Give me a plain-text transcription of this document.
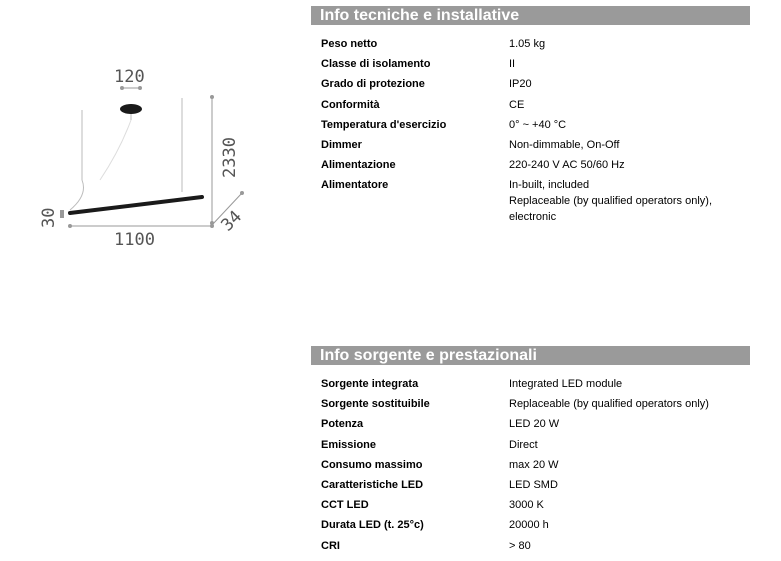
120
2330
1100
30	34
Info tecniche e installative
Peso netto	1.05 kg
Classe di isolamento	II
Grado di protezione	IP20
Conformità	CE
Temperatura d'esercizio	0° ~ +40 °C
Dimmer	Non-dimmable, On-Off
Alimentazione	220-240 V AC 50/60 Hz
Alimentatore	In-built, included
Replaceable (by qualified operators only),
electronic
Info sorgente e prestazionali
Sorgente integrata	Integrated LED module
Sorgente sostituibile	Replaceable (by qualified operators only)
Potenza	LED 20 W
Emissione	Direct
Consumo massimo	max 20 W
Caratteristiche LED	LED SMD
CCT LED	3000 K
Durata LED (t. 25°c)	20000 h
CRI	> 80
